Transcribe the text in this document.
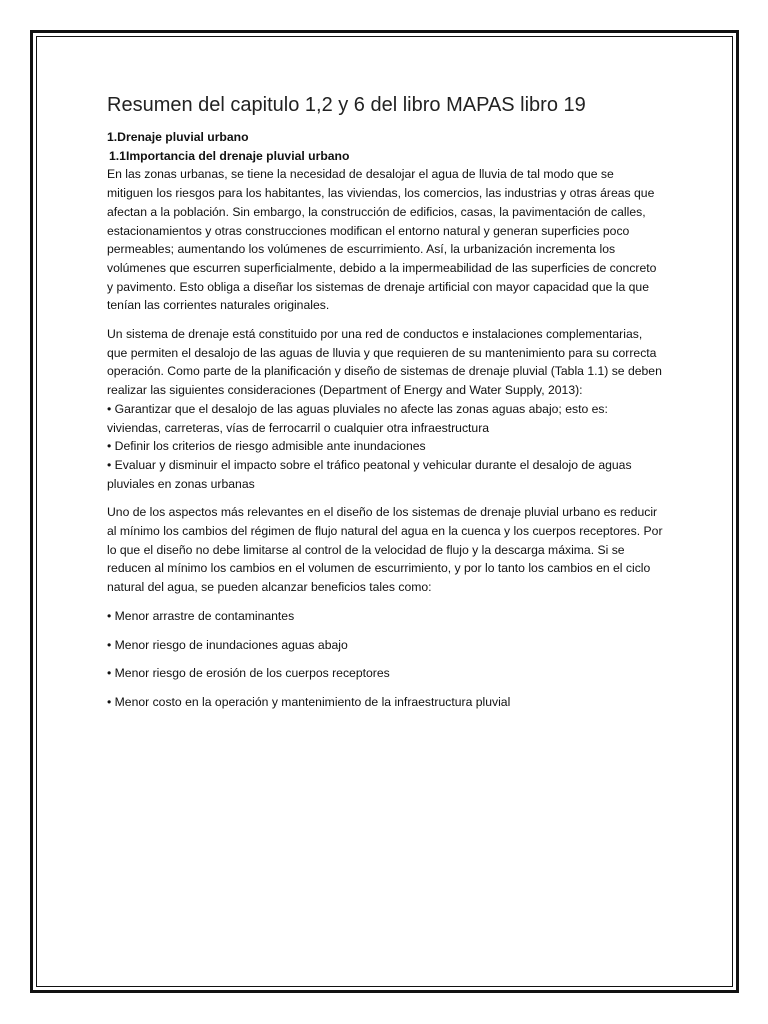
Resumen del capitulo 1,2 y 6 del libro MAPAS libro 19

1.Drenaje pluvial urbano

1.1Importancia del drenaje pluvial urbano

En las zonas urbanas, se tiene la necesidad de desalojar el agua de lluvia de tal modo que se mitiguen los riesgos para los habitantes, las viviendas, los comercios, las industrias y otras áreas que afectan a la población. Sin embargo, la construcción de edificios, casas, la pavimentación de calles, estacionamientos y otras construcciones modifican el entorno natural y generan superficies poco permeables; aumentando los volúmenes de escurrimiento. Así, la urbanización incrementa los volúmenes que escurren superficialmente, debido a la impermeabilidad de las superficies de concreto y pavimento. Esto obliga a diseñar los sistemas de drenaje artificial con mayor capacidad que la que tenían las corrientes naturales originales.

Un sistema de drenaje está constituido por una red de conductos e instalaciones complementarias, que permiten el desalojo de las aguas de lluvia y que requieren de su mantenimiento para su correcta operación. Como parte de la planificación y diseño de sistemas de drenaje pluvial (Tabla 1.1) se deben realizar las siguientes consideraciones (Department of Energy and Water Supply, 2013):

• Garantizar que el desalojo de las aguas pluviales no afecte las zonas aguas abajo; esto es: viviendas, carreteras, vías de ferrocarril o cualquier otra infraestructura

• Definir los criterios de riesgo admisible ante inundaciones

• Evaluar y disminuir el impacto sobre el tráfico peatonal y vehicular durante el desalojo de aguas pluviales en zonas urbanas

Uno de los aspectos más relevantes en el diseño de los sistemas de drenaje pluvial urbano es reducir al mínimo los cambios del régimen de flujo natural del agua en la cuenca y los cuerpos receptores. Por lo que el diseño no debe limitarse al control de la velocidad de flujo y la descarga máxima. Si se reducen al mínimo los cambios en el volumen de escurrimiento, y por lo tanto los cambios en el ciclo natural del agua, se pueden alcanzar beneficios tales como:

• Menor arrastre de contaminantes

• Menor riesgo de inundaciones aguas abajo

• Menor riesgo de erosión de los cuerpos receptores

• Menor costo en la operación y mantenimiento de la infraestructura pluvial
